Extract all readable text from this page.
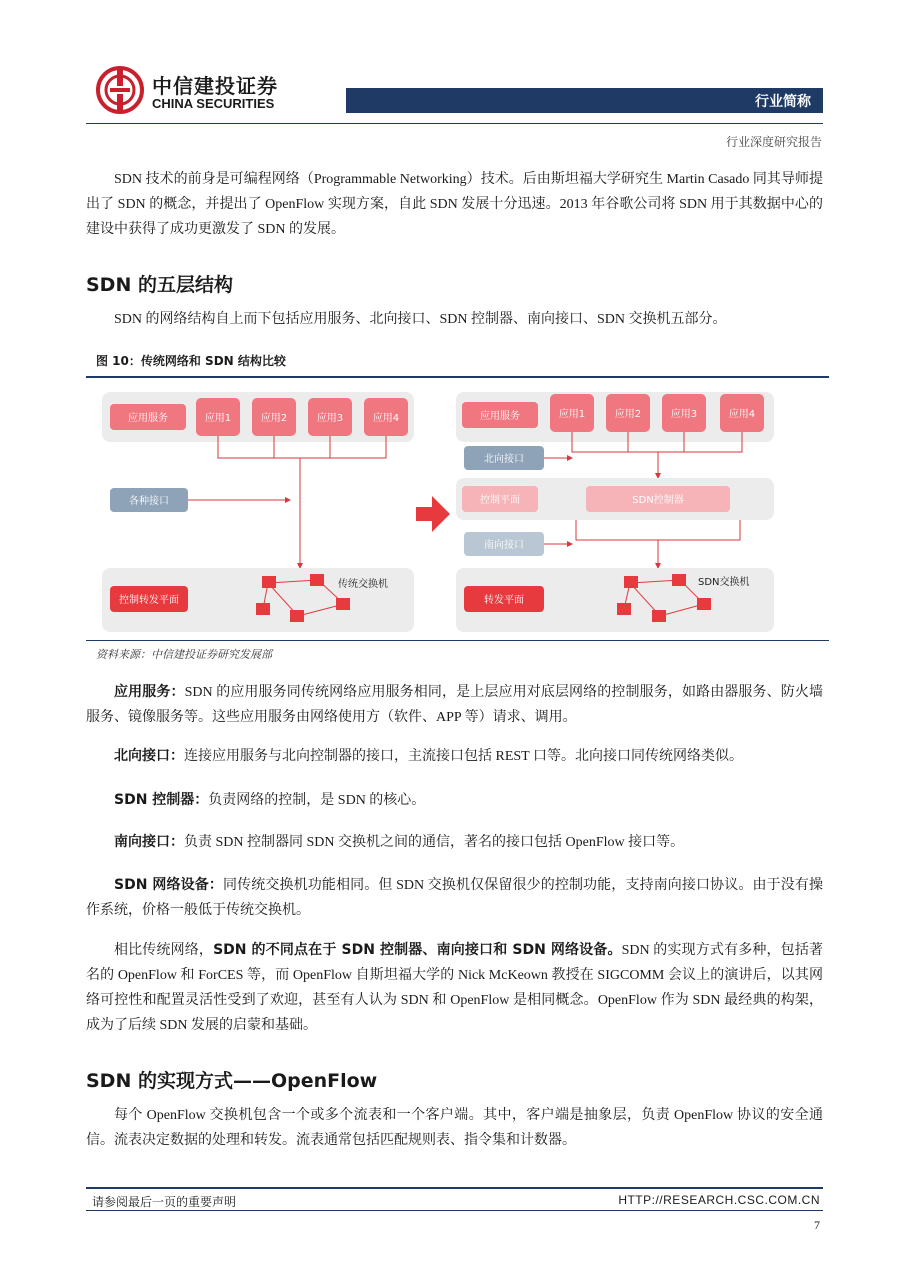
中信建投证券
CHINA SECURITIES	行业简称
行业深度研究报告

SDN 技术的前身是可编程网络（Programmable Networking）技术。后由斯坦福大学研究生 Martin Casado 同其导师提出了 SDN 的概念，并提出了 OpenFlow 实现方案，自此 SDN 发展十分迅速。2013 年谷歌公司将 SDN 用于其数据中心的建设中获得了成功更激发了 SDN 的发展。

SDN 的五层结构

SDN 的网络结构自上而下包括应用服务、北向接口、SDN 控制器、南向接口、SDN 交换机五部分。

图 10：传统网络和 SDN 结构比较
应用服务	应用1	应用2	应用3	应用4
各种接口
控制转发平面
传统交换机
应用服务	应用1	应用2	应用3	应用4
北向接口
控制平面	SDN控制器
南向接口
转发平面
SDN交换机
资料来源：中信建投证券研究发展部

应用服务：SDN 的应用服务同传统网络应用服务相同，是上层应用对底层网络的控制服务，如路由器服务、防火墙服务、镜像服务等。这些应用服务由网络使用方（软件、APP 等）请求、调用。

北向接口：连接应用服务与北向控制器的接口，主流接口包括 REST 口等。北向接口同传统网络类似。

SDN 控制器：负责网络的控制，是 SDN 的核心。

南向接口：负责 SDN 控制器同 SDN 交换机之间的通信，著名的接口包括 OpenFlow 接口等。

SDN 网络设备：同传统交换机功能相同。但 SDN 交换机仅保留很少的控制功能，支持南向接口协议。由于没有操作系统，价格一般低于传统交换机。

相比传统网络，SDN 的不同点在于 SDN 控制器、南向接口和 SDN 网络设备。SDN 的实现方式有多种，包括著名的 OpenFlow 和 ForCES 等，而 OpenFlow 自斯坦福大学的 Nick McKeown 教授在 SIGCOMM 会议上的演讲后，以其网络可控性和配置灵活性受到了欢迎，甚至有人认为 SDN 和 OpenFlow 是相同概念。OpenFlow 作为 SDN 最经典的构架，成为了后续 SDN 发展的启蒙和基础。

SDN 的实现方式——OpenFlow

每个 OpenFlow 交换机包含一个或多个流表和一个客户端。其中，客户端是抽象层，负责 OpenFlow 协议的安全通信。流表决定数据的处理和转发。流表通常包括匹配规则表、指令集和计数器。

请参阅最后一页的重要声明	HTTP://RESEARCH.CSC.COM.CN
7
